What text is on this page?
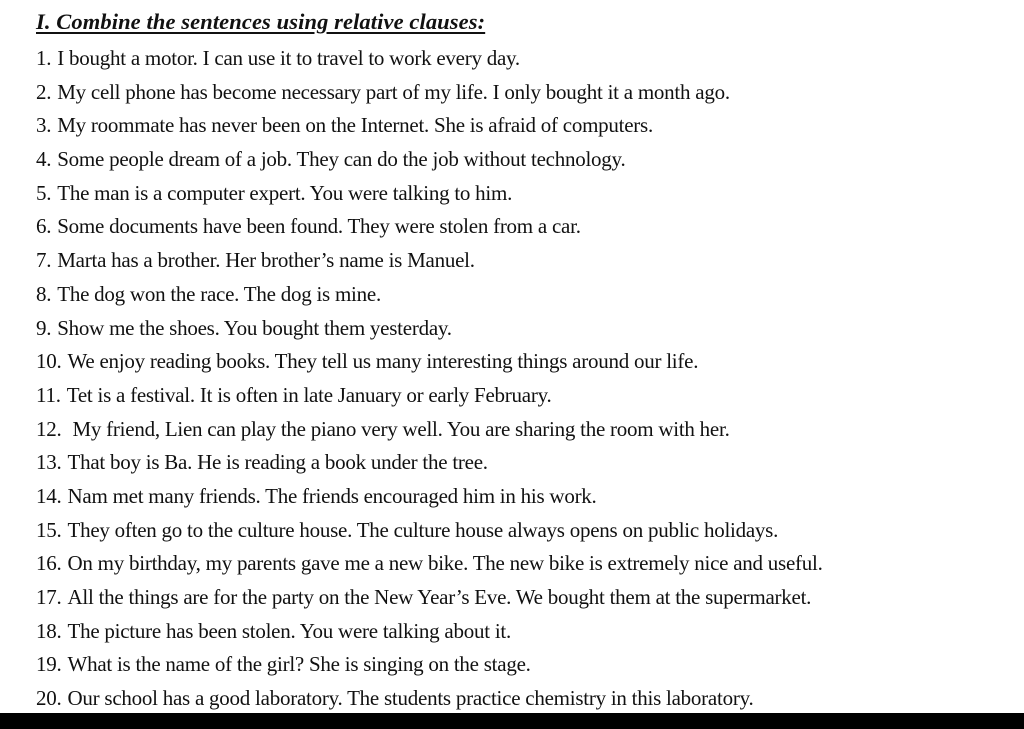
I. Combine the sentences using relative clauses:
1. I bought a motor. I can use it to travel to work every day.
2. My cell phone has become necessary part of my life. I only bought it a month ago.
3. My roommate has never been on the Internet. She is afraid of computers.
4. Some people dream of a job. They can do the job without technology.
5. The man is a computer expert. You were talking to him.
6. Some documents have been found. They were stolen from a car.
7. Marta has a brother. Her brother’s name is Manuel.
8. The dog won the race. The dog is mine.
9. Show me the shoes. You bought them yesterday.
10. We enjoy reading books. They tell us many interesting things around our life.
11. Tet is a festival. It is often in late January or early February.
12. My friend, Lien can play the piano very well. You are sharing the room with her.
13. That boy is Ba. He is reading a book under the tree.
14. Nam met many friends. The friends encouraged him in his work.
15. They often go to the culture house. The culture house always opens on public holidays.
16. On my birthday, my parents gave me a new bike. The new bike is extremely nice and useful.
17. All the things are for the party on the New Year’s Eve. We bought them at the supermarket.
18. The picture has been stolen. You were talking about it.
19. What is the name of the girl? She is singing on the stage.
20. Our school has a good laboratory. The students practice chemistry in this laboratory.
